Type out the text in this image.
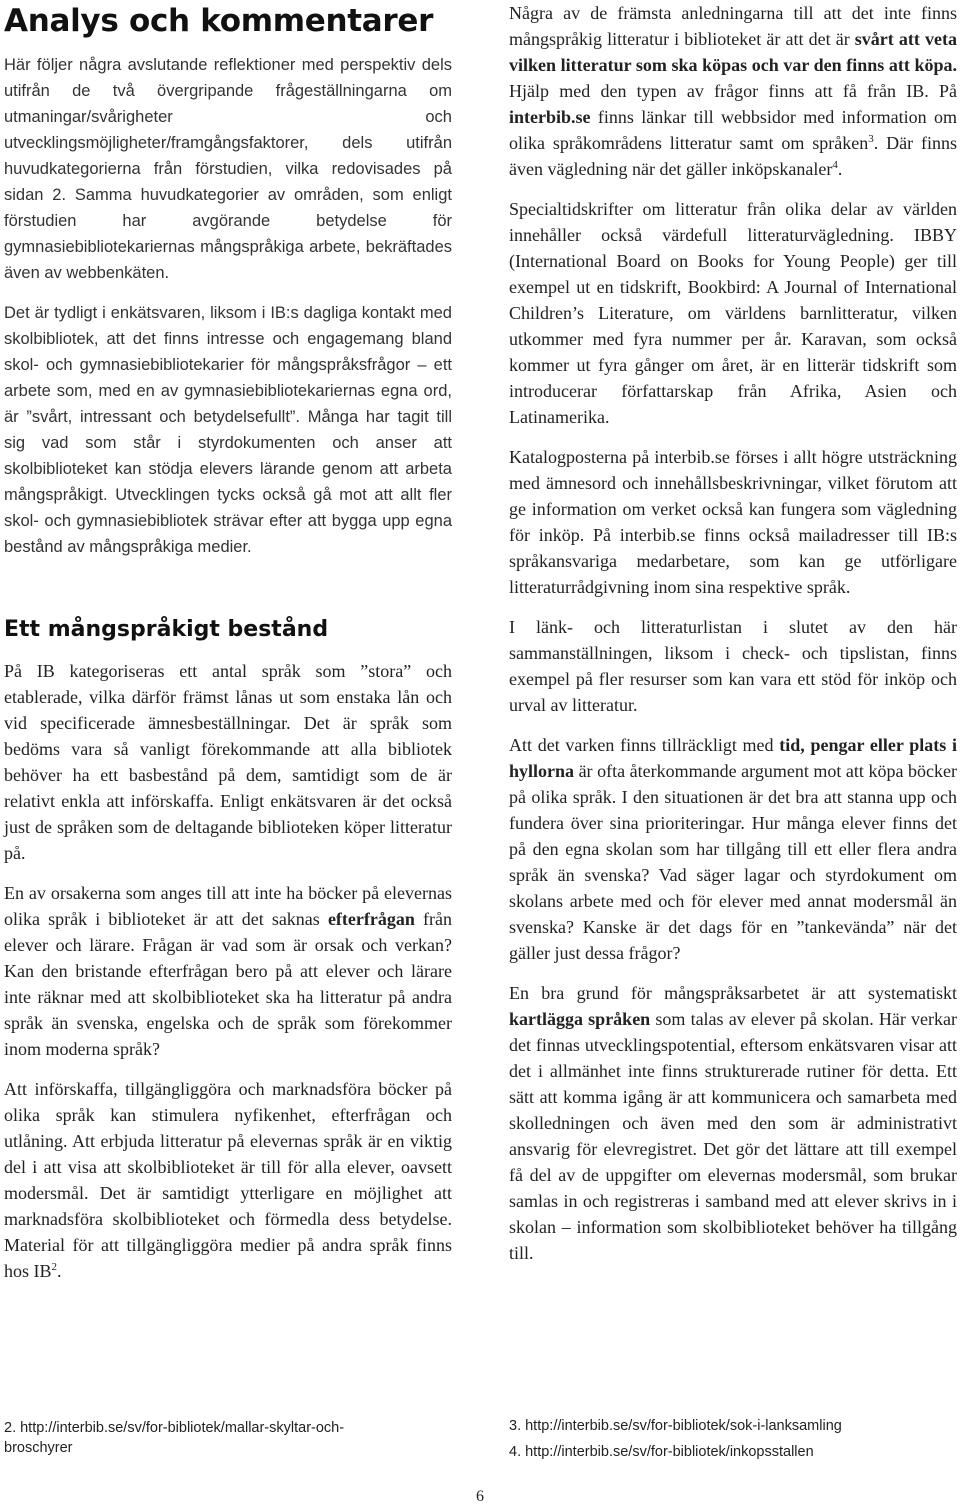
Analys och kommentarer

Här följer några avslutande reflektioner med perspektiv dels utifrån de två övergripande frågeställningarna om utmaningar/svårigheter och utvecklingsmöjligheter/framgångsfaktorer, dels utifrån huvudkategorierna från förstudien, vilka redovisades på sidan 2. Samma huvudkategorier av områden, som enligt förstudien har avgörande betydelse för gymnasiebibliotekariernas mångspråkiga arbete, bekräftades även av webbenkäten.

Det är tydligt i enkätsvaren, liksom i IB:s dagliga kontakt med skolbibliotek, att det finns intresse och engagemang bland skol- och gymnasiebibliotekarier för mångspråksfrågor – ett arbete som, med en av gymnasiebibliotekariernas egna ord, är ”svårt, intressant och betydelsefullt”. Många har tagit till sig vad som står i styrdokumenten och anser att skolbiblioteket kan stödja elevers lärande genom att arbeta mångspråkigt. Utvecklingen tycks också gå mot att allt fler skol- och gymnasiebibliotek strävar efter att bygga upp egna bestånd av mångspråkiga medier.

Ett mångspråkigt bestånd

På IB kategoriseras ett antal språk som ”stora” och etablerade, vilka därför främst lånas ut som enstaka lån och vid specificerade ämnesbeställningar. Det är språk som bedöms vara så vanligt förekommande att alla bibliotek behöver ha ett basbestånd på dem, samtidigt som de är relativt enkla att införskaffa. Enligt enkätsvaren är det också just de språken som de deltagande biblioteken köper litteratur på.

En av orsakerna som anges till att inte ha böcker på elevernas olika språk i biblioteket är att det saknas efterfrågan från elever och lärare. Frågan är vad som är orsak och verkan? Kan den bristande efterfrågan bero på att elever och lärare inte räknar med att skolbiblioteket ska ha litteratur på andra språk än svenska, engelska och de språk som förekommer inom moderna språk?

Att införskaffa, tillgängliggöra och marknadsföra böcker på olika språk kan stimulera nyfikenhet, efterfrågan och utlåning. Att erbjuda litteratur på elevernas språk är en viktig del i att visa att skolbiblioteket är till för alla elever, oavsett modersmål. Det är samtidigt ytterligare en möjlighet att marknadsföra skolbiblioteket och förmedla dess betydelse. Material för att tillgängliggöra medier på andra språk finns hos $IB^2$.

Några av de främsta anledningarna till att det inte finns mångspråkig litteratur i biblioteket är att det är svårt att veta vilken litteratur som ska köpas och var den finns att köpa. Hjälp med den typen av frågor finns att få från IB. På interbib.se finns länkar till webbsidor med information om olika språkområdens litteratur samt om språken$^3$. Där finns även vägledning när det gäller inköpskanaler$^4$.

Specialtidskrifter om litteratur från olika delar av världen innehåller också värdefull litteraturvägledning. IBBY (International Board on Books for Young People) ger till exempel ut en tidskrift, Bookbird: A Journal of International Children’s Literature, om världens barnlitteratur, vilken utkommer med fyra nummer per år. Karavan, som också kommer ut fyra gånger om året, är en litterär tidskrift som introducerar författarskap från Afrika, Asien och Latinamerika.

Katalogposterna på interbib.se förses i allt högre utsträckning med ämnesord och innehållsbeskrivningar, vilket förutom att ge information om verket också kan fungera som vägledning för inköp. På interbib.se finns också mailadresser till IB:s språkansvariga medarbetare, som kan ge utförligare litteraturrådgivning inom sina respektive språk.

I länk- och litteraturlistan i slutet av den här sammanställningen, liksom i check- och tipslistan, finns exempel på fler resurser som kan vara ett stöd för inköp och urval av litteratur.

Att det varken finns tillräckligt med tid, pengar eller plats i hyllorna är ofta återkommande argument mot att köpa böcker på olika språk. I den situationen är det bra att stanna upp och fundera över sina prioriteringar. Hur många elever finns det på den egna skolan som har tillgång till ett eller flera andra språk än svenska? Vad säger lagar och styrdokument om skolans arbete med och för elever med annat modersmål än svenska? Kanske är det dags för en ”tankevända” när det gäller just dessa frågor?

En bra grund för mångspråksarbetet är att systematiskt kartlägga språken som talas av elever på skolan. Här verkar det finnas utvecklingspotential, eftersom enkätsvaren visar att det i allmänhet inte finns strukturerade rutiner för detta. Ett sätt att komma igång är att kommunicera och samarbeta med skolledningen och även med den som är administrativt ansvarig för elevregistret. Det gör det lättare att till exempel få del av de uppgifter om elevernas modersmål, som brukar samlas in och registreras i samband med att elever skrivs in i skolan – information som skolbiblioteket behöver ha tillgång till.

2. http://interbib.se/sv/for-bibliotek/mallar-skyltar-och-broschyrer
3. http://interbib.se/sv/for-bibliotek/sok-i-lanksamling
4. http://interbib.se/sv/for-bibliotek/inkopsstallen
6
